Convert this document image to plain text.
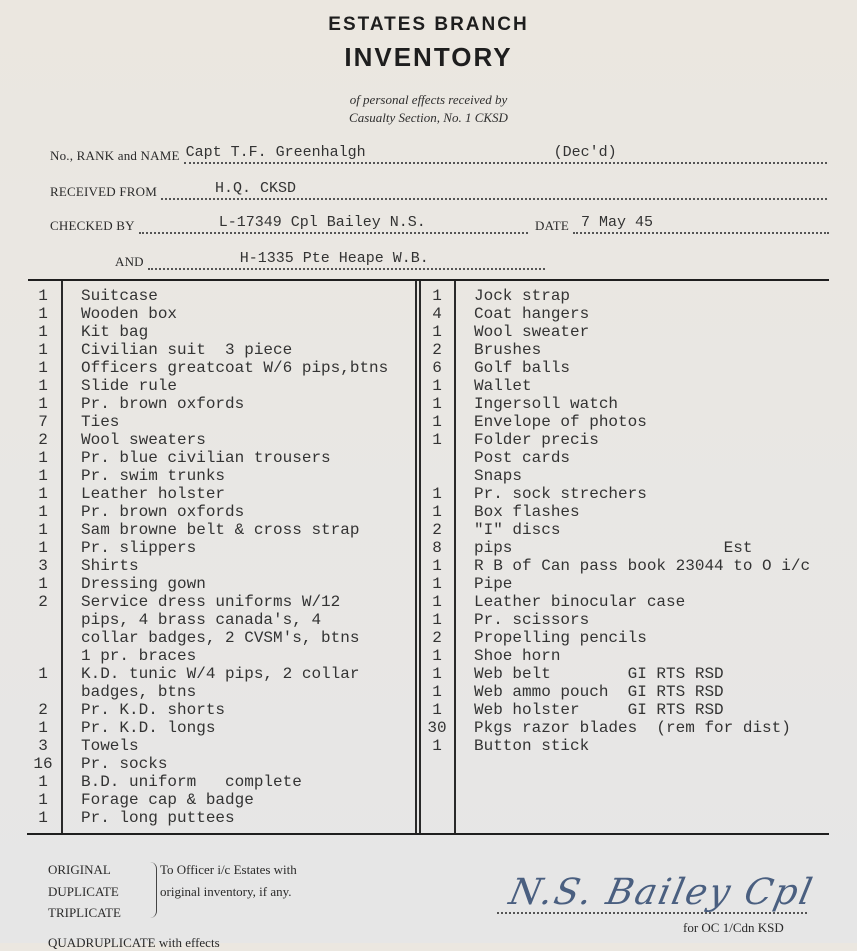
ESTATES BRANCH
INVENTORY
of personal effects received by
Casualty Section, No. 1 CKSD
No., RANK and NAME Capt T.F. Greenhalgh	(Dec'd)
RECEIVED FROM	H.Q. CKSD
CHECKED BY	L-17349 Cpl Bailey N.S.	DATE 7 May 45
AND	H-1335 Pte Heape W.B.
1	Suitcase
1	Wooden box
1	Kit bag
1	Civilian suit  3 piece
1	Officers greatcoat W/6 pips,btns
1	Slide rule
1	Pr. brown oxfords
7	Ties
2	Wool sweaters
1	Pr. blue civilian trousers
1	Pr. swim trunks
1	Leather holster
1	Pr. brown oxfords
1	Sam browne belt & cross strap
1	Pr. slippers
3	Shirts
1	Dressing gown
2	Service dress uniforms W/12
pips, 4 brass canada's, 4
collar badges, 2 CVSM's, btns
1 pr. braces
1	K.D. tunic W/4 pips, 2 collar
badges, btns
2	Pr. K.D. shorts
1	Pr. K.D. longs
3	Towels
16	Pr. socks
1	B.D. uniform   complete
1	Forage cap & badge
1	Pr. long puttees
1	Jock strap
4	Coat hangers
1	Wool sweater
2	Brushes
6	Golf balls
1	Wallet
1	Ingersoll watch
1	Envelope of photos
1	Folder precis
Post cards
Snaps
1	Pr. sock strechers
1	Box flashes
2	"I" discs
8	pips                      Est
1	R B of Can pass book 23044 to O i/c
1	Pipe
1	Leather binocular case
1	Pr. scissors
2	Propelling pencils
1	Shoe horn
1	Web belt        GI RTS RSD
1	Web ammo pouch  GI RTS RSD
1	Web holster     GI RTS RSD
30	Pkgs razor blades  (rem for dist)
1	Button stick
ORIGINAL
DUPLICATE
TRIPLICATE
To Officer i/c Estates with
original inventory, if any.
QUADRUPLICATE with effects
N.S. Bailey Cpl
for OC 1/Cdn KSD
